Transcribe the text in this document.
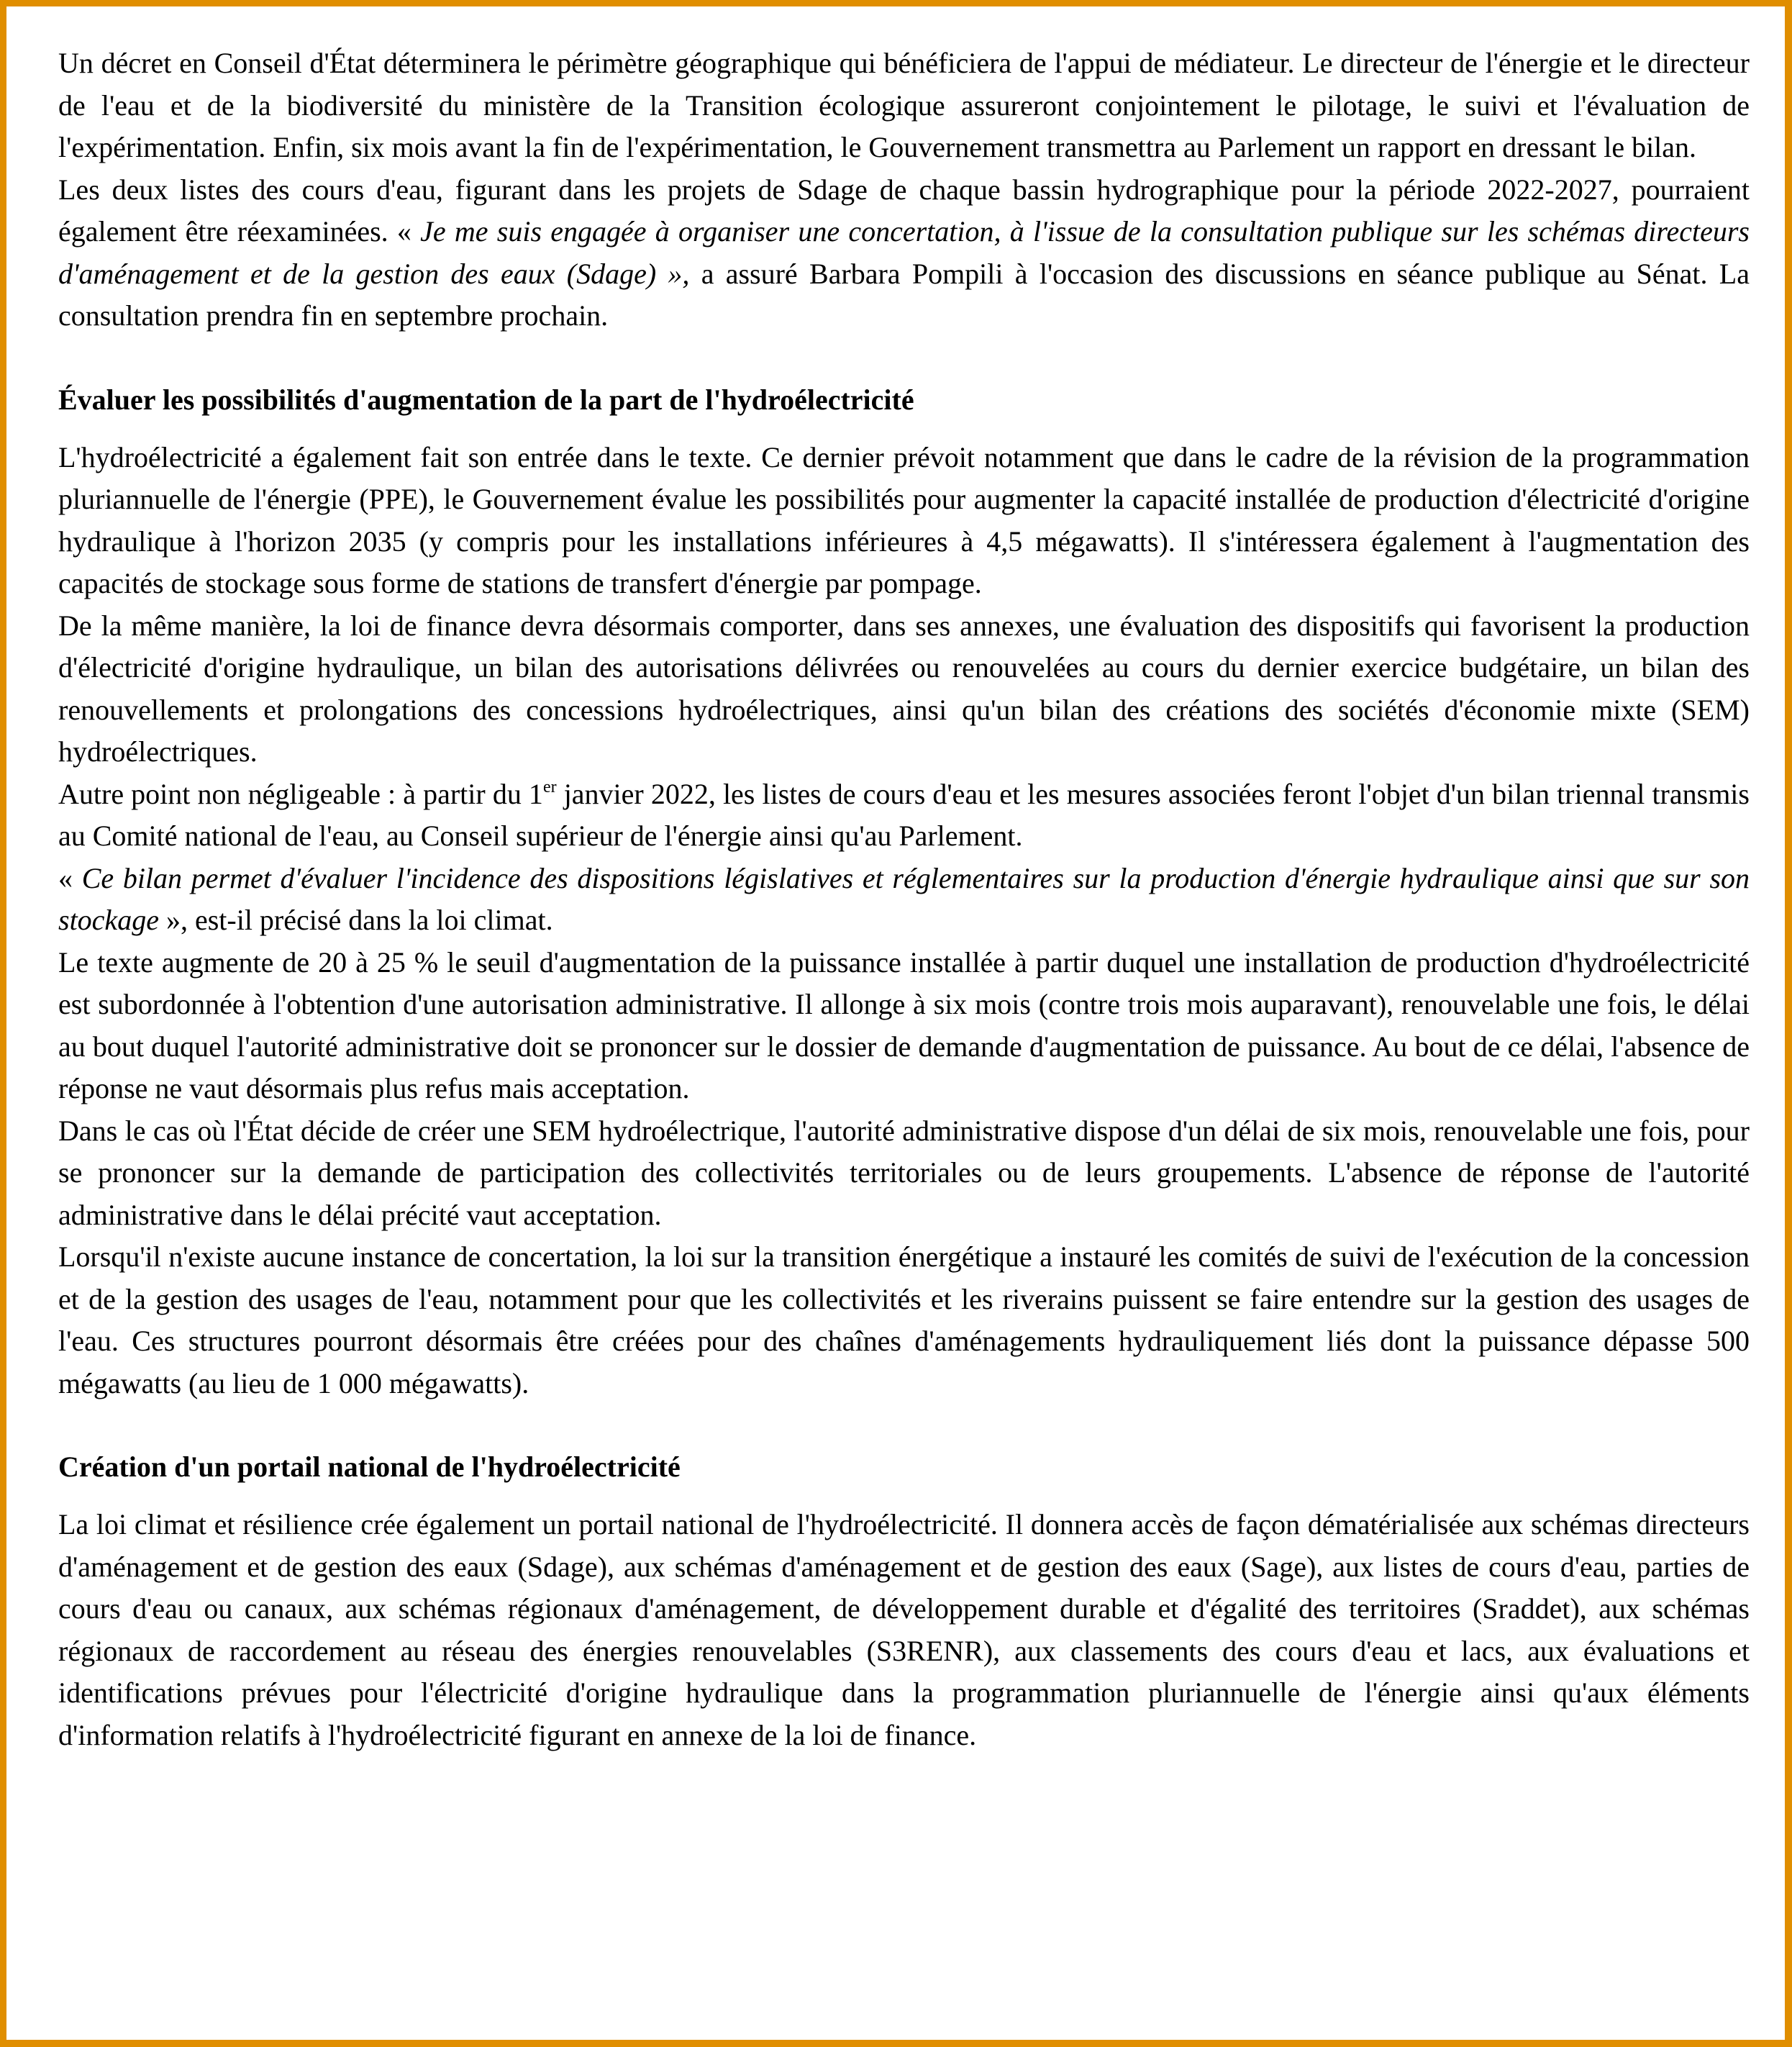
Un décret en Conseil d'État déterminera le périmètre géographique qui bénéficiera de l'appui de médiateur. Le directeur de l'énergie et le directeur de l'eau et de la biodiversité du ministère de la Transition écologique assureront conjointement le pilotage, le suivi et l'évaluation de l'expérimentation. Enfin, six mois avant la fin de l'expérimentation, le Gouvernement transmettra au Parlement un rapport en dressant le bilan.

Les deux listes des cours d'eau, figurant dans les projets de Sdage de chaque bassin hydrographique pour la période 2022-2027, pourraient également être réexaminées. « Je me suis engagée à organiser une concertation, à l'issue de la consultation publique sur les schémas directeurs d'aménagement et de la gestion des eaux (Sdage) », a assuré Barbara Pompili à l'occasion des discussions en séance publique au Sénat. La consultation prendra fin en septembre prochain.

Évaluer les possibilités d'augmentation de la part de l'hydroélectricité

L'hydroélectricité a également fait son entrée dans le texte. Ce dernier prévoit notamment que dans le cadre de la révision de la programmation pluriannuelle de l'énergie (PPE), le Gouvernement évalue les possibilités pour augmenter la capacité installée de production d'électricité d'origine hydraulique à l'horizon 2035 (y compris pour les installations inférieures à 4,5 mégawatts). Il s'intéressera également à l'augmentation des capacités de stockage sous forme de stations de transfert d'énergie par pompage.

De la même manière, la loi de finance devra désormais comporter, dans ses annexes, une évaluation des dispositifs qui favorisent la production d'électricité d'origine hydraulique, un bilan des autorisations délivrées ou renouvelées au cours du dernier exercice budgétaire, un bilan des renouvellements et prolongations des concessions hydroélectriques, ainsi qu'un bilan des créations des sociétés d'économie mixte (SEM) hydroélectriques.

Autre point non négligeable : à partir du 1er janvier 2022, les listes de cours d'eau et les mesures associées feront l'objet d'un bilan triennal transmis au Comité national de l'eau, au Conseil supérieur de l'énergie ainsi qu'au Parlement.

« Ce bilan permet d'évaluer l'incidence des dispositions législatives et réglementaires sur la production d'énergie hydraulique ainsi que sur son stockage », est-il précisé dans la loi climat.

Le texte augmente de 20 à 25 % le seuil d'augmentation de la puissance installée à partir duquel une installation de production d'hydroélectricité est subordonnée à l'obtention d'une autorisation administrative. Il allonge à six mois (contre trois mois auparavant), renouvelable une fois, le délai au bout duquel l'autorité administrative doit se prononcer sur le dossier de demande d'augmentation de puissance. Au bout de ce délai, l'absence de réponse ne vaut désormais plus refus mais acceptation.

Dans le cas où l'État décide de créer une SEM hydroélectrique, l'autorité administrative dispose d'un délai de six mois, renouvelable une fois, pour se prononcer sur la demande de participation des collectivités territoriales ou de leurs groupements. L'absence de réponse de l'autorité administrative dans le délai précité vaut acceptation.

Lorsqu'il n'existe aucune instance de concertation, la loi sur la transition énergétique a instauré les comités de suivi de l'exécution de la concession et de la gestion des usages de l'eau, notamment pour que les collectivités et les riverains puissent se faire entendre sur la gestion des usages de l'eau. Ces structures pourront désormais être créées pour des chaînes d'aménagements hydrauliquement liés dont la puissance dépasse 500 mégawatts (au lieu de 1 000 mégawatts).

Création d'un portail national de l'hydroélectricité

La loi climat et résilience crée également un portail national de l'hydroélectricité. Il donnera accès de façon dématérialisée aux schémas directeurs d'aménagement et de gestion des eaux (Sdage), aux schémas d'aménagement et de gestion des eaux (Sage), aux listes de cours d'eau, parties de cours d'eau ou canaux, aux schémas régionaux d'aménagement, de développement durable et d'égalité des territoires (Sraddet), aux schémas régionaux de raccordement au réseau des énergies renouvelables (S3RENR), aux classements des cours d'eau et lacs, aux évaluations et identifications prévues pour l'électricité d'origine hydraulique dans la programmation pluriannuelle de l'énergie ainsi qu'aux éléments d'information relatifs à l'hydroélectricité figurant en annexe de la loi de finance.
